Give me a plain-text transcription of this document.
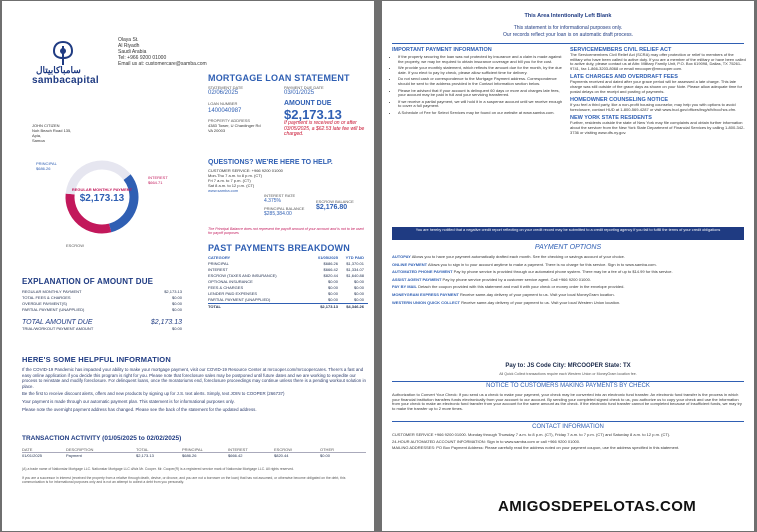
سامباكابيتال
sambacapital
Olaya St.
Al Riyadh
Saudi Arabia
Tel: +966 9200 01000
Email us at: customercare@samba.com
JOHN CITIZEN
Noh Beach Road 135,
Apia,
Samoa
MORTGAGE LOAN STATEMENT
STATEMENT DATE
02/06/2025
PAYMENT DUE DATE
03/01/2025
LOAN NUMBER
1400040987
AMOUNT DUE
$2,173.13
PROPERTY ADDRESS
4383 Tower, U Chardinger Rd
VA 20003
If payment is received on or after 03/05/2025, a $62.53 late fee will be charged.
REGULAR MONTHLY PAYMENT
$2,173.13
PRINCIPAL
$686.26
INTEREST
$664.71
ESCROW
QUESTIONS? WE'RE HERE TO HELP.
CUSTOMER SERVICE: +966 9200 01000
Mon-Thu 7 a.m. to 8 p.m. (CT)
Fri 7 a.m. to 7 p.m. (CT)
Sat 8 a.m. to 12 p.m. (CT)
www.samba.com
INTEREST RATE
4.375%
PRINCIPAL BALANCE
$285,384.00
ESCROW BALANCE
$2,176.80
The Principal Balance does not represent the payoff amount of your account and is not to be used for payoff purposes
PAST PAYMENTS BREAKDOWN
CATEGORY	01/05/2025	YTD PAID
PRINCIPAL	$686.26	$1,370.01
INTEREST	$666.42	$1,334.07
ESCROW (TAXES AND INSURANCE)	$820.44	$1,640.88
OPTIONAL INSURANCE	$0.00	$0.00
FEES & CHARGES	$0.00	$0.00
LENDER PAID EXPENSES	$0.00	$0.00
PARTIAL PAYMENT (UNAPPLIED)	$0.00	$0.00
TOTAL	$2,173.13	$4,346.26
EXPLANATION OF AMOUNT DUE
REGULAR MONTHLY PAYMENT	$2,173.13
TOTAL FEES & CHARGES	$0.00
OVERDUE PAYMENT(S)	$0.00
PARTIAL PAYMENT (UNAPPLIED)	$0.00
TOTAL AMOUNT DUE	$2,173.13
TRIAL/WORKOUT PAYMENT AMOUNT	$0.00
HERE'S SOME HELPFUL INFORMATION

If the COVID-19 Pandemic has impacted your ability to make your mortgage payment, visit our COVID-19 Resource Center at mrcooper.com/mrcoopercares. There's a fast and easy online application if you decide this program is right for you. Please note that foreclosure sales may be postponed until future dates and we are working to expedite our process to reinstate and modify foreclosure. For delinquent loans, once the moratoriums end, foreclosure proceedings may continue unless there is a pending workout solution in place.

Be the first to receive discount alerts, offers and new products by signing up for J.S. text alerts. Simply, text JOIN to COOPER (266737)

Your payment is made through our automatic payment plan. This statement is for informational purposes only.

Please note the overnight payment address has changed. Please see the back of the statement for the updated address.

TRANSACTION ACTIVITY (01/05/2025 to 02/02/2025)
DATE	DESCRIPTION	TOTAL	PRINCIPAL	INTEREST	ESCROW	OTHER
01/01/2025	Payment	$2,173.13	$686.26	$666.42	$820.44	$0.00
(A) a trade name of Nationstar Mortgage LLC. Nationstar Mortgage LLC d/b/a Mr. Cooper. Mr. Cooper(R) is a registered service mark of Nationstar Mortgage LLC. All rights reserved.
If you are a successor in interest (received the property from a relative through death, devise, or divorce, and you are not a borrower on the loan) that has not assumed, or otherwise become obligated on the debt, this communication is for informational purposes only and is not an attempt to collect a debt from you personally.
This Area Intentionally Left Blank
This statement is for informational purposes only.
Our records reflect your loan is on automatic draft process.
IMPORTANT PAYMENT INFORMATION
• If the property securing the loan was not protected by insurance and a claim is made against the property, we may be required to obtain insurance coverage and bill you for the cost.
• We provide your monthly statement, which reflects the amount due for the month, by the due date. If you elect to pay by check, please allow sufficient time for delivery.
• Do not send cash or correspondence to the Mortgage Payment address. Correspondence should be sent to the address provided in the Contact Information section below.
• Please be advised that if your account is delinquent 60 days or more and charges late fees, your account may be paid in full and your servicing transferred.
• If we receive a partial payment, we will hold it in a suspense account until we receive enough to cover a full payment.
• A Schedule of Fee for Select Services may be found on our website at www.samba.com.
SERVICEMEMBERS CIVIL RELIEF ACT
The Servicemembers Civil Relief Act (SCRA) may offer protection or relief to members of the military who have been called to active duty. If you are a member of the military or have been called to active duty, please contact us at Attn: Military Family Unit, P.O. Box 619098, Dallas, TX 75261-9741, fax 1-866-3203-8068 or email mrcooper@mrcooper.com.
LATE CHARGES AND OVERDRAFT FEES
Payments received and dated after your grace period will be assessed a late charge. This late charge was still outside of the grace days as shown on your Note. Please allow adequate time for postal delays on the receipt and posting of payments.
HOMEOWNER COUNSELING NOTICE
If you feel a third party, like a non-profit housing counselor, may help you with options to avoid foreclosure, contact HUD at 1-800-569-4287 or visit www.hud.gov/offices/hsg/sfh/hcc/hcs.cfm.
NEW YORK STATE RESIDENTS
Further, residents outside the state of New York may file complaints and obtain further information about the servicer from the New York State Department of Financial Services by calling 1-800-342-3736 or visiting www.dfs.ny.gov.
You are hereby notified that a negative credit report reflecting on your credit record may be submitted to a credit reporting agency if you fail to fulfill the terms of your credit obligations
PAYMENT OPTIONS
AUTOPAY Allows you to have your payment automatically drafted each month. See the checking or savings account of your choice.
ONLINE PAYMENT Allows you to sign in to your account anytime to make a payment. There is no charge for this service. Sign in to www.samba.com.
AUTOMATED PHONE PAYMENT Pay by phone service is provided through our automated phone system. There may be a fee of up to $14.99 for this service.
ASSIST AGENT PAYMENT Pay by phone service provided by a customer service agent. Call +966 9200 01000.
PAY BY MAIL Detach the coupon provided with this statement and mail it with your check or money order in the envelope provided.
MONEYGRAM EXPRESS PAYMENT Receive same-day delivery of your payment to us. Visit your local MoneyGram location.
WESTERN UNION QUICK COLLECT Receive same-day delivery of your payment to us. Visit your local Western Union location.
Pay to: JS Code City: MRCOOPER State: TX
All Quick Collect transactions require each Western Union or MoneyGram location fee.
NOTICE TO CUSTOMERS MAKING PAYMENTS BY CHECK
Authorization to Convert Your Check: If you send us a check to make your payment, your check may be converted into an electronic fund transfer. An electronic fund transfer is the process in which your financial institution transfers funds electronically from your account to our account. By sending your completed signed check to us, you authorize us to copy your check and use the information from your check to make an electronic fund transfer from your account for the same amount as the check. If the electronic fund transfer cannot be completed because of insufficient funds, we may try to make the transfer up to 2 more times.
CONTACT INFORMATION
CUSTOMER SERVICE +966 9200 01000. Monday through Thursday 7 a.m. to 8 p.m. (CT), Friday 7 a.m. to 7 p.m. (CT) and Saturday 8 a.m. to 12 p.m. (CT).
24-HOUR AUTOMATED ACCOUNT INFORMATION: Sign in to www.samba.com or call +966 9200 01000.
MAILING ADDRESSES: PO Box Payment Address: Please carefully read the address noted on your payment coupon, use the address specified in this statement.
AMIGOSDEPELOTAS.COM
